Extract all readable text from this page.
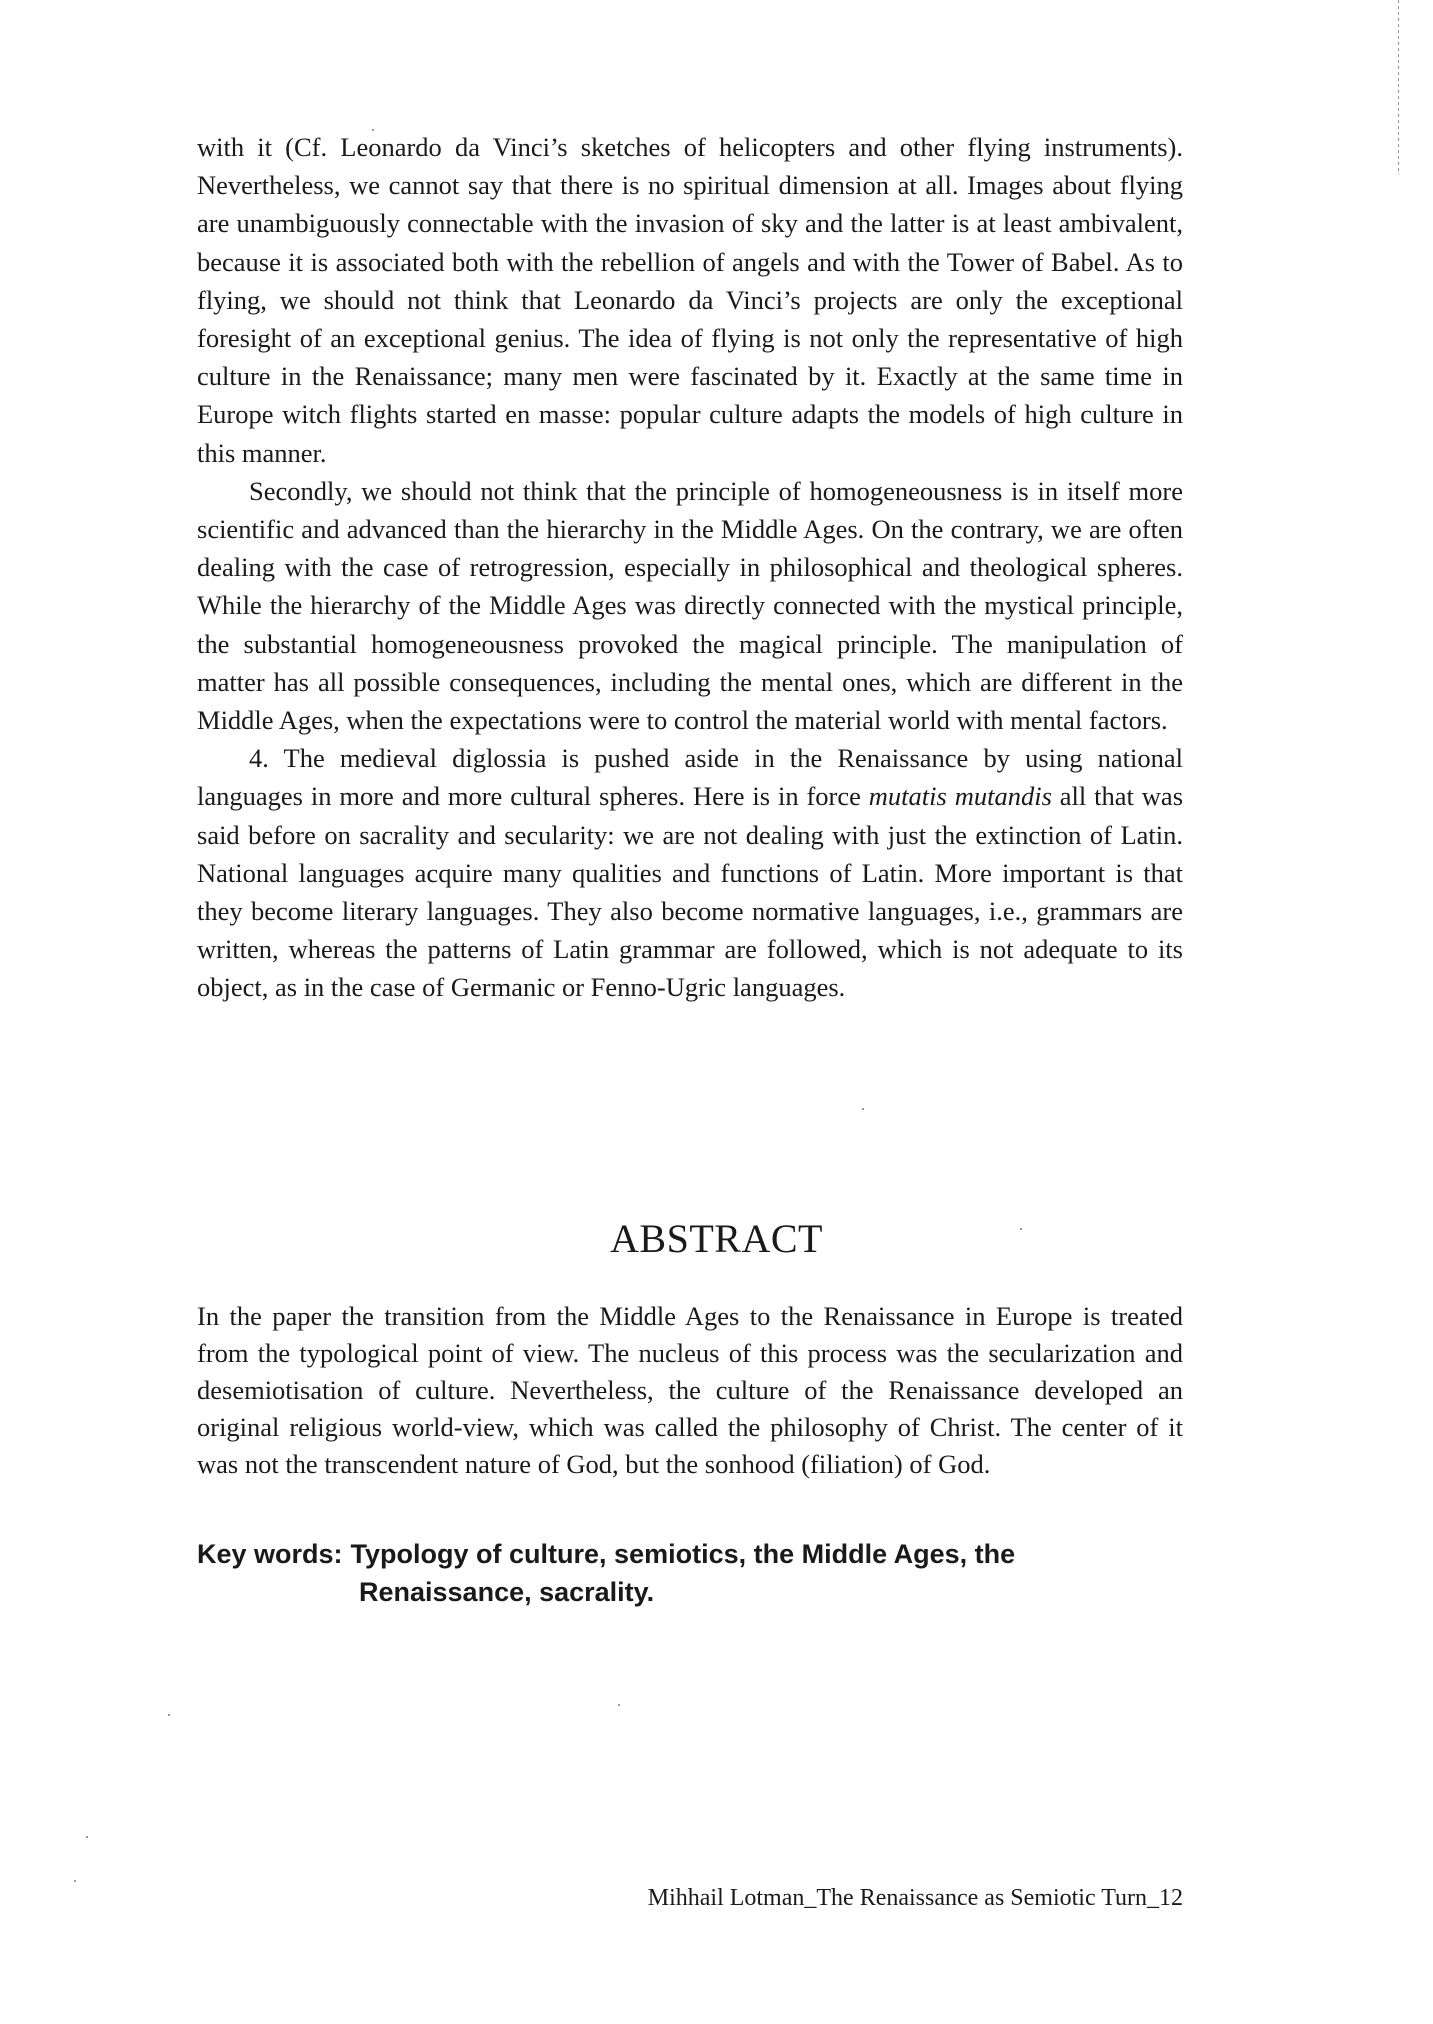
with it (Cf. Leonardo da Vinci’s sketches of helicopters and other flying instruments). Nevertheless, we cannot say that there is no spiritual dimension at all. Images about flying are unambiguously connectable with the invasion of sky and the latter is at least ambivalent, because it is associated both with the rebellion of angels and with the Tower of Babel. As to flying, we should not think that Leonardo da Vinci’s projects are only the exceptional foresight of an exceptional genius. The idea of flying is not only the representative of high culture in the Renaissance; many men were fascinated by it. Exactly at the same time in Europe witch flights started en masse: popular culture adapts the models of high culture in this manner.

Secondly, we should not think that the principle of homogeneousness is in itself more scientific and advanced than the hierarchy in the Middle Ages. On the contrary, we are often dealing with the case of retrogression, especially in philosophical and theological spheres. While the hierarchy of the Middle Ages was directly connected with the mystical principle, the substantial homogeneousness provoked the magical principle. The manipulation of matter has all possible consequences, including the mental ones, which are different in the Middle Ages, when the expectations were to control the material world with mental factors.

4. The medieval diglossia is pushed aside in the Renaissance by using national languages in more and more cultural spheres. Here is in force mutatis mutandis all that was said before on sacrality and secularity: we are not dealing with just the extinction of Latin. National languages acquire many qualities and functions of Latin. More important is that they become literary languages. They also become normative languages, i.e., grammars are written, whereas the patterns of Latin grammar are followed, which is not adequate to its object, as in the case of Germanic or Fenno-Ugric languages.

ABSTRACT

In the paper the transition from the Middle Ages to the Renaissance in Europe is treated from the typological point of view. The nucleus of this process was the secularization and desemiotisation of culture. Nevertheless, the culture of the Renaissance developed an original religious world-view, which was called the philosophy of Christ. The center of it was not the transcendent nature of God, but the sonhood (filiation) of God.

Key words: Typology of culture, semiotics, the Middle Ages, the
Renaissance, sacrality.
Mihhail Lotman_The Renaissance as Semiotic Turn_12
